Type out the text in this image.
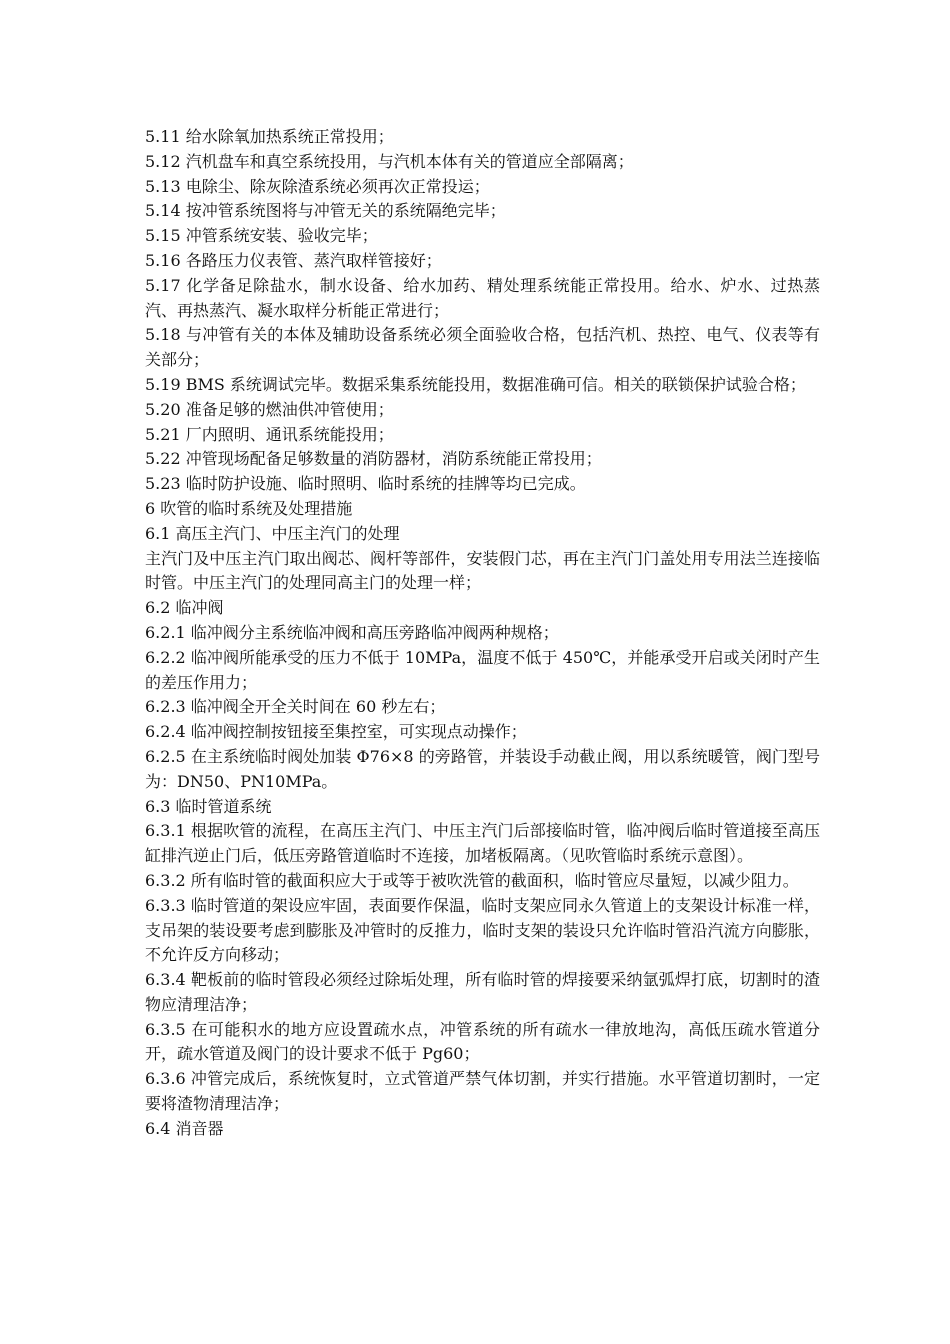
5.11 给水除氧加热系统正常投用；

5.12 汽机盘车和真空系统投用，与汽机本体有关的管道应全部隔离；

5.13 电除尘、除灰除渣系统必须再次正常投运；

5.14 按冲管系统图将与冲管无关的系统隔绝完毕；

5.15 冲管系统安装、验收完毕；

5.16 各路压力仪表管、蒸汽取样管接好；

5.17 化学备足除盐水，制水设备、给水加药、精处理系统能正常投用。给水、炉水、过热蒸汽、再热蒸汽、凝水取样分析能正常进行；

5.18 与冲管有关的本体及辅助设备系统必须全面验收合格，包括汽机、热控、电气、仪表等有关部分；

5.19 BMS 系统调试完毕。数据采集系统能投用，数据准确可信。相关的联锁保护试验合格；

5.20 准备足够的燃油供冲管使用；

5.21 厂内照明、通讯系统能投用；

5.22 冲管现场配备足够数量的消防器材，消防系统能正常投用；

5.23 临时防护设施、临时照明、临时系统的挂牌等均已完成。

6 吹管的临时系统及处理措施

6.1 高压主汽门、中压主汽门的处理

主汽门及中压主汽门取出阀芯、阀杆等部件，安装假门芯，再在主汽门门盖处用专用法兰连接临时管。中压主汽门的处理同高主门的处理一样；

6.2 临冲阀

6.2.1 临冲阀分主系统临冲阀和高压旁路临冲阀两种规格；

6.2.2 临冲阀所能承受的压力不低于 10MPa，温度不低于 450℃，并能承受开启或关闭时产生的差压作用力；

6.2.3 临冲阀全开全关时间在 60 秒左右；

6.2.4 临冲阀控制按钮接至集控室，可实现点动操作；

6.2.5 在主系统临时阀处加装 Φ76×8 的旁路管，并装设手动截止阀，用以系统暖管，阀门型号为：DN50、PN10MPa。

6.3 临时管道系统

6.3.1 根据吹管的流程，在高压主汽门、中压主汽门后部接临时管，临冲阀后临时管道接至高压缸排汽逆止门后，低压旁路管道临时不连接，加堵板隔离。（见吹管临时系统示意图）。

6.3.2 所有临时管的截面积应大于或等于被吹洗管的截面积，临时管应尽量短，以减少阻力。

6.3.3 临时管道的架设应牢固，表面要作保温，临时支架应同永久管道上的支架设计标准一样，支吊架的装设要考虑到膨胀及冲管时的反推力，临时支架的装设只允许临时管沿汽流方向膨胀，不允许反方向移动；

6.3.4 靶板前的临时管段必须经过除垢处理，所有临时管的焊接要采纳氩弧焊打底，切割时的渣物应清理洁净；

6.3.5 在可能积水的地方应设置疏水点，冲管系统的所有疏水一律放地沟，高低压疏水管道分开，疏水管道及阀门的设计要求不低于 Pg60；

6.3.6 冲管完成后，系统恢复时，立式管道严禁气体切割，并实行措施。水平管道切割时，一定要将渣物清理洁净；

6.4 消音器
